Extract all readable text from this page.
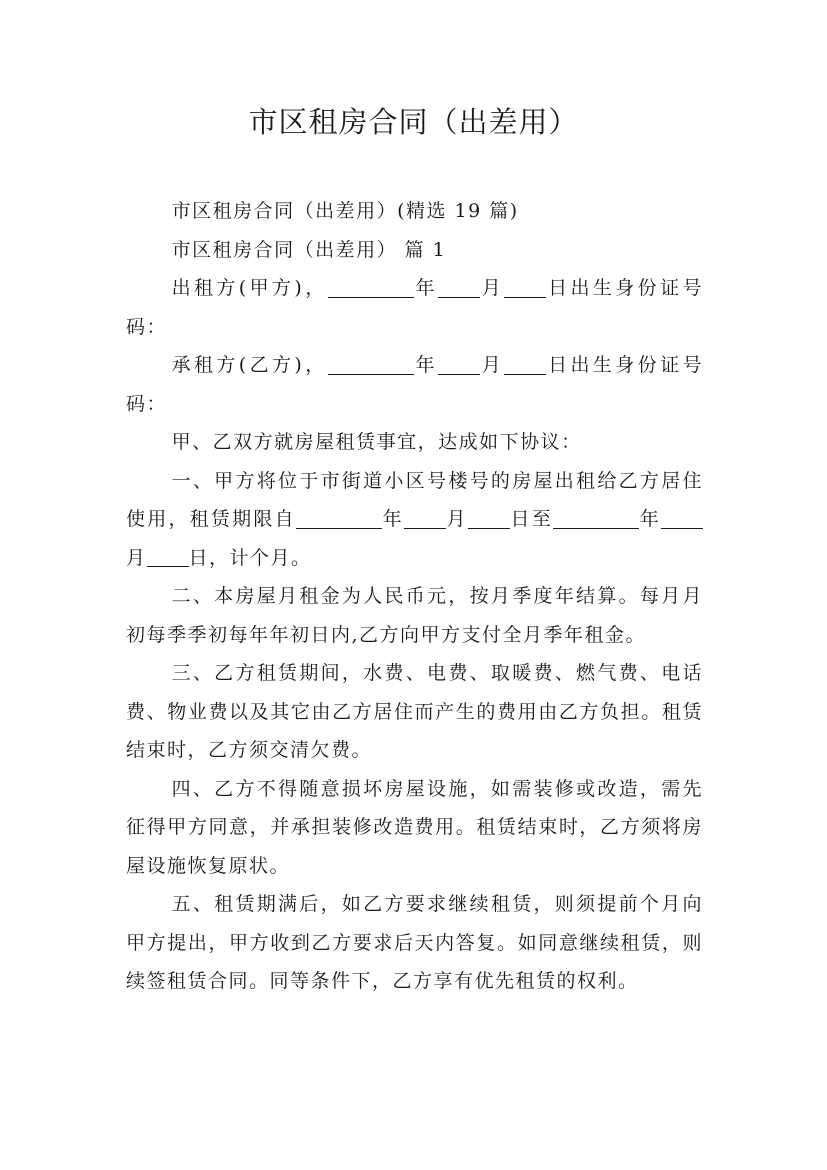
市区租房合同（出差用）

市区租房合同（出差用）(精选 19 篇)

市区租房合同（出差用） 篇 1

出租方(甲方)，	年 月 日出生身份证号码：

承租方(乙方)，	年 月 日出生身份证号码：

甲、乙双方就房屋租赁事宜，达成如下协议：

一、甲方将位于市街道小区号楼号的房屋出租给乙方居住使用，租赁期限自	年 月 日至	年月 日，计个月。

二、本房屋月租金为人民币元，按月季度年结算。每月月初每季季初每年年初日内,乙方向甲方支付全月季年租金。

三、乙方租赁期间，水费、电费、取暖费、燃气费、电话费、物业费以及其它由乙方居住而产生的费用由乙方负担。租赁结束时，乙方须交清欠费。

四、乙方不得随意损坏房屋设施，如需装修或改造，需先征得甲方同意，并承担装修改造费用。租赁结束时，乙方须将房屋设施恢复原状。

五、租赁期满后，如乙方要求继续租赁，则须提前个月向甲方提出，甲方收到乙方要求后天内答复。如同意继续租赁，则续签租赁合同。同等条件下，乙方享有优先租赁的权利。
